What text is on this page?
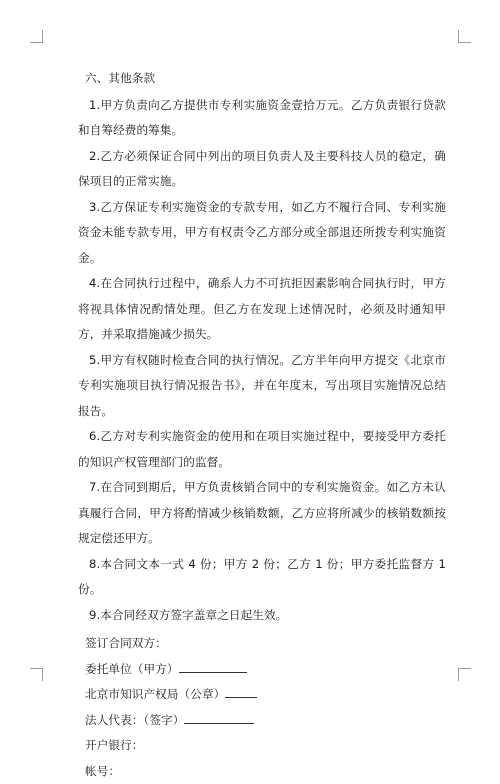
六、其他条款

1.甲方负责向乙方提供市专利实施资金壹拾万元。乙方负责银行贷款和自筹经费的筹集。

2.乙方必须保证合同中列出的项目负责人及主要科技人员的稳定，确保项目的正常实施。

3.乙方保证专利实施资金的专款专用，如乙方不履行合同、专利实施资金未能专款专用，甲方有权责令乙方部分或全部退还所拨专利实施资金。

4.在合同执行过程中，确系人力不可抗拒因素影响合同执行时，甲方将视具体情况酌情处理。但乙方在发现上述情况时，必须及时通知甲方，并采取措施减少损失。

5.甲方有权随时检查合同的执行情况。乙方半年向甲方提交《北京市专利实施项目执行情况报告书》，并在年度末，写出项目实施情况总结报告。

6.乙方对专利实施资金的使用和在项目实施过程中，要接受甲方委托的知识产权管理部门的监督。

7.在合同到期后，甲方负责核销合同中的专利实施资金。如乙方未认真履行合同，甲方将酌情减少核销数额，乙方应将所减少的核销数额按规定偿还甲方。

8.本合同文本一式 4 份；甲方 2 份；乙方 1 份；甲方委托监督方 1 份。

9.本合同经双方签字盖章之日起生效。

签订合同双方：

委托单位（甲方）

北京市知识产权局（公章）

法人代表：（签字）

开户银行：

帐号：
